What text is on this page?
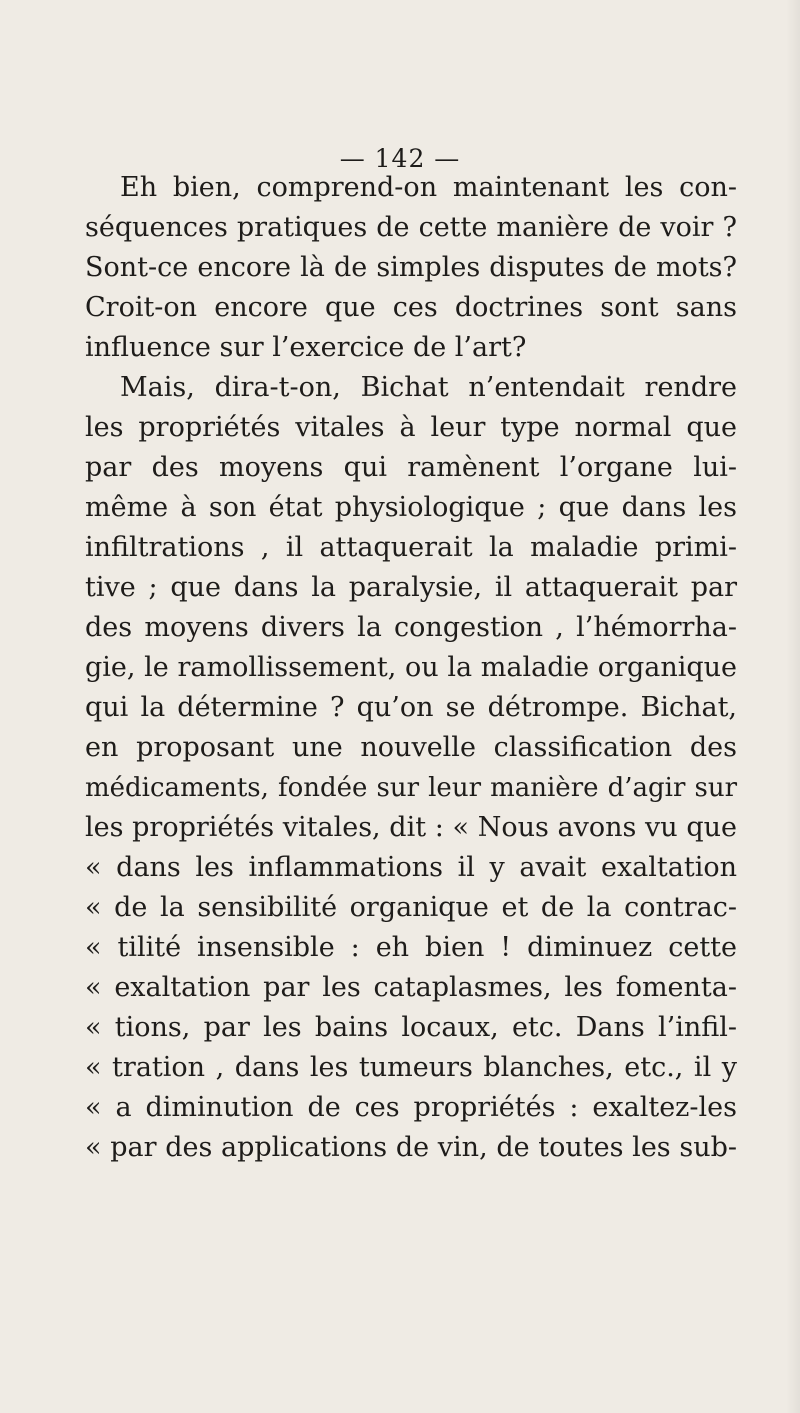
— 142 —
Eh bien, comprend-on maintenant les con-
séquences pratiques de cette manière de voir ?
Sont-ce encore là de simples disputes de mots?
Croit-on encore que ces doctrines sont sans
influence sur l’exercice de l’art?
Mais, dira-t-on, Bichat n’entendait rendre
les propriétés vitales à leur type normal que
par des moyens qui ramènent l’organe lui-
même à son état physiologique ; que dans les
infiltrations , il attaquerait la maladie primi-
tive ; que dans la paralysie, il attaquerait par
des moyens divers la congestion , l’hémorrha-
gie, le ramollissement, ou la maladie organique
qui la détermine ? qu’on se détrompe. Bichat,
en proposant une nouvelle classification des
médicaments, fondée sur leur manière d’agir sur
les propriétés vitales, dit : « Nous avons vu que
« dans les inflammations il y avait exaltation
« de la sensibilité organique et de la contrac-
« tilité insensible : eh bien ! diminuez cette
« exaltation par les cataplasmes, les fomenta-
« tions, par les bains locaux, etc. Dans l’infil-
« tration , dans les tumeurs blanches, etc., il y
« a diminution de ces propriétés : exaltez-les
« par des applications de vin, de toutes les sub-
